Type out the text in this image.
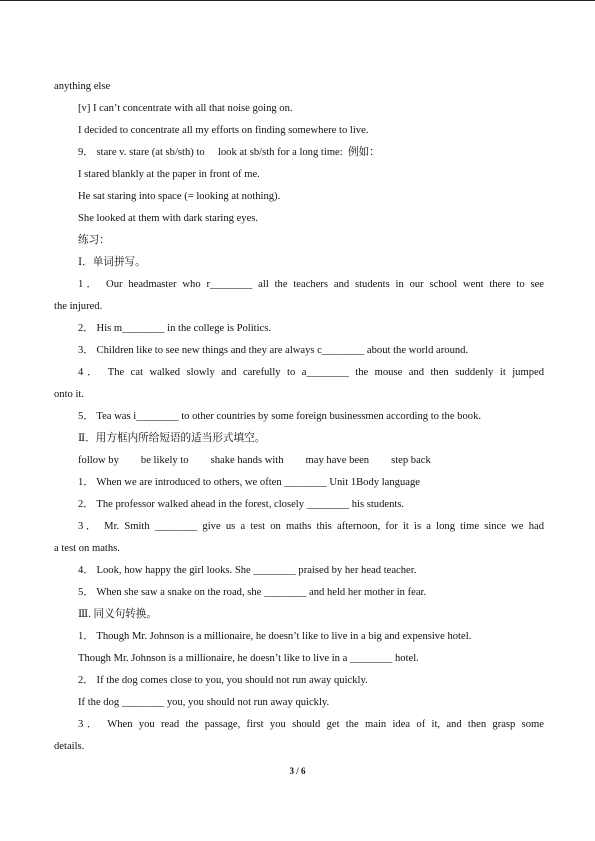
anything else
[v] I can’t concentrate with all that noise going on.
I decided to concentrate all my efforts on finding somewhere to live.
9． stare v. stare (at sb/sth) to     look at sb/sth for a long time:  例如：
I stared blankly at the paper in front of me.
He sat staring into space (= looking at nothing).
She looked at them with dark staring eyes.
练习：
Ⅰ．单词拼写。
1． Our headmaster who r________ all the teachers and students in our school went there to see
the injured.
2． His m________ in the college is Politics.
3． Children like to see new things and they are always c________ about the world around.
4． The cat walked slowly and carefully to a________ the mouse and then suddenly it jumped
onto it.
5． Tea was i________ to other countries by some foreign businessmen according to the book.
Ⅱ．用方框内所给短语的适当形式填空。
follow by be likely to shake hands with may have been step back
1． When we are introduced to others, we often ________ Unit 1Body language
2． The professor walked ahead in the forest, closely ________ his students.
3． Mr. Smith ________ give us a test on maths this afternoon, for it is a long time since we had
a test on maths.
4． Look, how happy the girl looks. She ________ praised by her head teacher.
5． When she saw a snake on the road, she ________ and held her mother in fear.
Ⅲ. 同义句转换。
1． Though Mr. Johnson is a millionaire, he doesn’t like to live in a big and expensive hotel.
Though Mr. Johnson is a millionaire, he doesn’t like to live in a ________ hotel.
2． If the dog comes close to you, you should not run away quickly.
If the dog ________ you, you should not run away quickly.
3． When you read the passage, first you should get the main idea of it, and then grasp some
details.
3 / 6
